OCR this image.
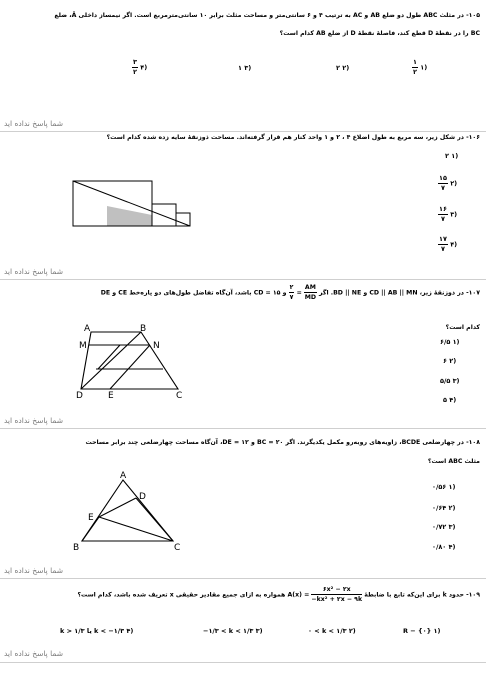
۱۰۵- در مثلث ABC طول دو ضلع AB و AC به ترتیب ۴ و ۶ سانتی‌متر و مساحت مثلث برابر ۱۰ سانتی‌مترمربع است. اگر نیمساز داخلی Â، ضلع
BC را در نقطهٔ D قطع کند، فاصلهٔ نقطهٔ D از ضلع AB کدام است؟
(۱
$\frac{۱}{۲}$
(۲ ۲
(۳ ۱
(۴
$\frac{۳}{۲}$
شما پاسخ نداده اید
۱۰۶- در شکل زیر، سه مربع به طول اضلاع ۴ ، ۲ و ۱ واحد کنار هم قرار گرفته‌اند. مساحت ذوزنقهٔ سایه زده شده کدام است؟
(۱ ۲
(۲
$\frac{۱۵}{۷}$
(۳
$\frac{۱۶}{۷}$
(۴
$\frac{۱۷}{۷}$
شما پاسخ نداده اید
۱۰۷- در ذوزنقهٔ زیر، CD || AB || MN و BD || NE. اگر
$\frac{AM}{MD}$
=
$\frac{۲}{۷}$
و CD = ۱۵ باشد، آن‌گاه تفاضل طول‌های دو پاره‌خط CE و DE
کدام است؟
(۱ ۶/۵
(۲ ۶
(۳ ۵/۵
(۴ ۵
A	B
M	N
D	E	C
شما پاسخ نداده اید
۱۰۸- در چهارضلعی BCDE، زاویه‌های روبه‌رو مکمل یکدیگرند. اگر BC = ۲۰ و DE = ۱۲، آن‌گاه مساحت چهارضلعی چند برابر مساحت
مثلث ABC است؟
(۱ ۰/۵۶
(۲ ۰/۶۴
(۳ ۰/۷۲
(۴ ۰/۸۰
A
D
E
B	C
شما پاسخ نداده اید
۱۰۹- حدود k برای این‌که تابع با ضابطهٔ $A(x) = \frac{\text{۶x² − ۲x}}{\text{−kx² + ۲x − ۹k}}$
همواره به ازای جمیع مقادیر حقیقی x تعریف شده باشد، کدام است؟
(۱ R − {۰}
(۲ ۰ < k < ۱/۳
(۳ −۱/۳ < k < ۱/۳
(۴ k > ۱/۳ یا k < −۱/۳
شما پاسخ نداده اید
